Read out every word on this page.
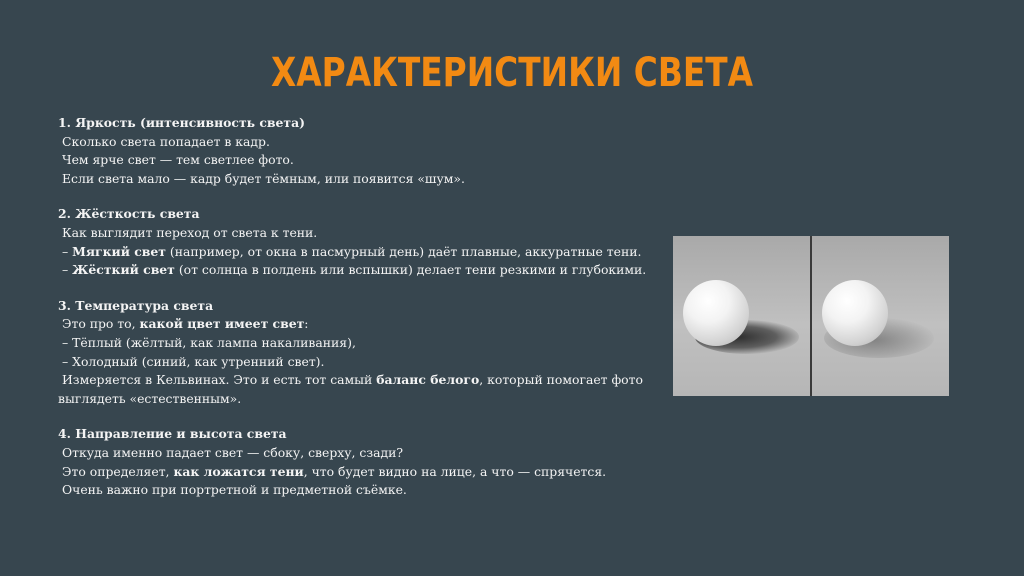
ХАРАКТЕРИСТИКИ СВЕТА
1. Яркость (интенсивность света)
Сколько света попадает в кадр.
Чем ярче свет — тем светлее фото.
Если света мало — кадр будет тёмным, или появится «шум».
2. Жёсткость света
Как выглядит переход от света к тени.
– Мягкий свет (например, от окна в пасмурный день) даёт плавные, аккуратные тени.
– Жёсткий свет (от солнца в полдень или вспышки) делает тени резкими и глубокими.
3. Температура света
Это про то, какой цвет имеет свет:
– Тёплый (жёлтый, как лампа накаливания),
– Холодный (синий, как утренний свет).
Измеряется в Кельвинах. Это и есть тот самый баланс белого, который помогает фото выглядеть «естественным».
4. Направление и высота света
Откуда именно падает свет — сбоку, сверху, сзади?
Это определяет, как ложатся тени, что будет видно на лице, а что — спрячется.
Очень важно при портретной и предметной съёмке.
